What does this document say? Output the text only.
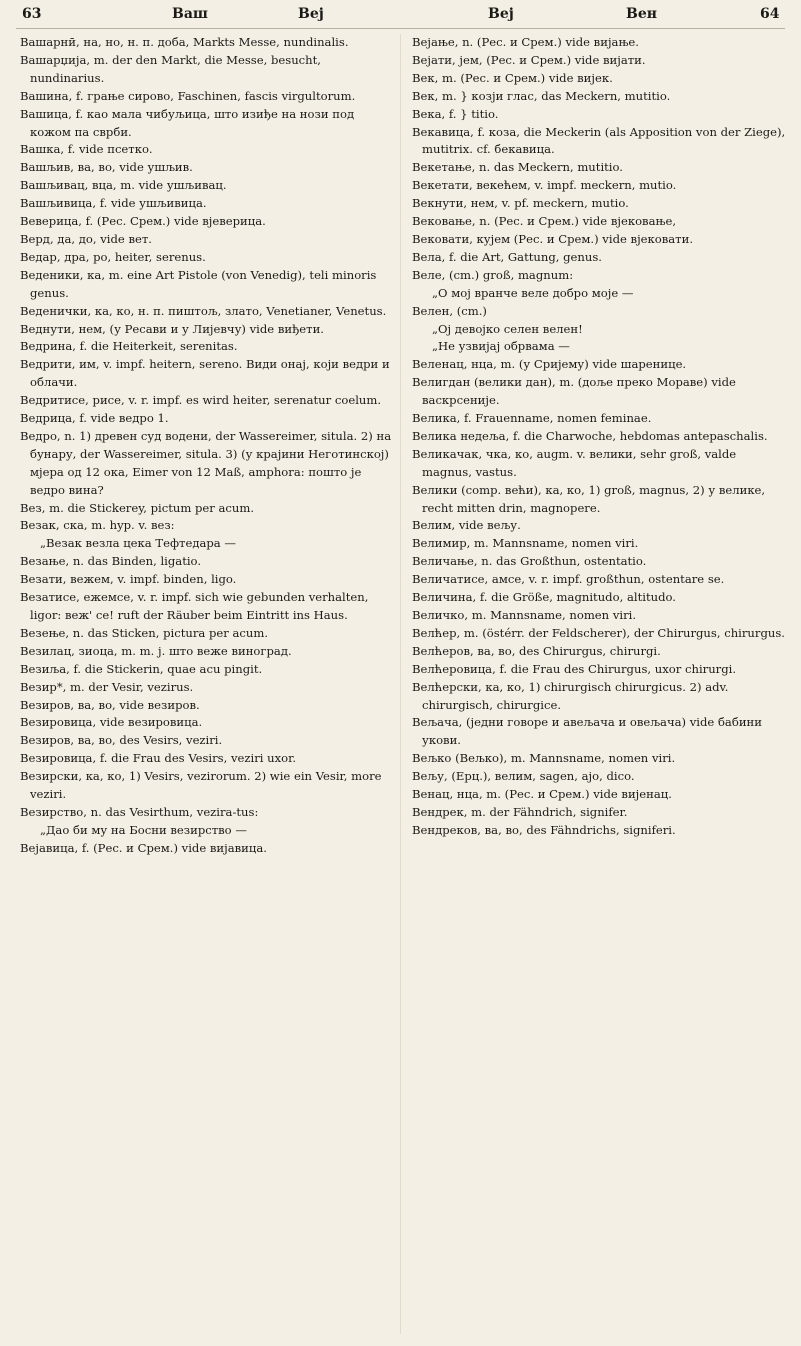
63	Ваш	Веј	Веј	Вен	64

Вашарнӣ, на, но, н. п. доба, Markts Messe, nundinalis.

Вашарџија, m. der den Markt, die Messe, besucht, nundinarius.

Вашина, f. грање сирово, Faschinen, fascis virgultorum.

Вашица, f. као мала чибуљица, што изиђе на нози под кожом па сврби.

Вашка, f. vide псетко.

Вашљив, ва, во, vide ушљив.

Вашљивац, вца, m. vide ушљивац.

Вашљивица, f. vide ушљивица.

Веверица, f. (Рес. Срем.) vide вјеверица.

Верд, да, до, vide вет.

Ведар, дра, ро, heiter, serenus.

Веденики, ка, m. eine Art Pistole (von Venedig), teli minoris genus.

Веденички, ка, ко, н. п. пиштољ, злато, Venetianer, Venetus.

Веднути, нем, (у Ресави и у Лијевчу) vide виђети.

Ведрина, f. die Heiterkeit, serenitas.

Ведрити, им, v. impf. heitern, sereno. Види онај, који ведри и облачи.

Ведритисе, рисе, v. r. impf. es wird heiter, serenatur coelum.

Ведрица, f. vide ведро 1.

Ведро, n. 1) древен суд водени, der Wassereimer, situla. 2) на бунару, der Wassereimer, situla. 3) (у крајини Неготинској) мјера од 12 ока, Eimer von 12 Maß, amphora: пошто је ведро вина?

Вез, m. die Stickerey, pictum per acum.

Везак, ска, m. hyp. v. вез:

„Везак везла цека Тефтедара —

Везање, n. das Binden, ligatio.

Везати, вежем, v. impf. binden, ligo.

Везатисе, ежемсе, v. r. impf. sich wie gebunden verhalten, ligor: веж' се! ruft der Räuber beim Eintritt ins Haus.

Везење, n. das Sticken, pictura per acum.

Везилац, зиоца, m. m. j. што веже виноград.

Везиља, f. die Stickerin, quae acu pingit.

Везир*, m. der Vesir, vezirus.

Везиров, ва, во, vide везиров.

Везировица, vide везировица.

Везиров, ва, во, des Vesirs, veziri.

Везировица, f. die Frau des Vesirs, veziri uxor.

Везирски, ка, ко, 1) Vesirs, vezirorum. 2) wie ein Vesir, more veziri.

Везирство, n. das Vesirthum, vezira-tus:

„Дао би му на Босни везирство —

Вејавица, f. (Рес. и Срем.) vide вијавица.

Вејање, n. (Рес. и Срем.) vide вијање.

Вејати, јем, (Рес. и Срем.) vide вијати.

Век, m. (Рес. и Срем.) vide вијек.

Век, m. } козји глас, das Meckern, mutitio.

Века, f. } titio.

Векавица, f. коза, die Meckerin (als Apposition von der Ziege), mutitrix. cf. бекавица.

Векетање, n. das Meckern, mutitio.

Векетати, векећем, v. impf. meckern, mutio.

Векнути, нем, v. pf. meckern, mutio.

Вековање, n. (Рес. и Срем.) vide вјековање,

Вековати, кујем (Рес. и Срем.) vide вјековати.

Вела, f. die Art, Gattung, genus.

Веле, (cm.) groß, magnum:

„О мој вранче веле добро моје —

Велен, (cm.)

„Ој девојко селен велен!

„Не узвијај обрвама —

Веленац, нца, m. (у Сријему) vide шаренице.

Велигдан (велики дан), m. (доље преко Мораве) vide васкрсеније.

Велика, f. Frauenname, nomen feminae.

Велика недеља, f. die Charwoche, hebdomas antepaschalis.

Великачак, чка, ко, augm. v. велики, sehr groß, valde magnus, vastus.

Велики (comp. већи), ка, ко, 1) groß, magnus, 2) у велике, recht mitten drin, magnopere.

Велим, vide вељу.

Велимир, m. Mannsname, nomen viri.

Величање, n. das Großthun, ostentatio.

Величатисе, амсе, v. r. impf. großthun, ostentare se.

Величина, f. die Größe, magnitudo, altitudo.

Величко, m. Mannsname, nomen viri.

Велћер, m. (östérr. der Feldscherer), der Chirurgus, chirurgus.

Велћеров, ва, во, des Chirurgus, chirurgi.

Велћеровица, f. die Frau des Chirurgus, uxor chirurgi.

Велћерски, ка, ко, 1) chirurgisch chirurgicus. 2) adv. chirurgisch, chirurgice.

Вељача, (једни говоре и авељача и овељача) vide бабини укови.

Вељко (Вељко), m. Mannsname, nomen viri.

Вељу, (Ерц.), велим, sagen, ajo, dico.

Венац, нца, m. (Рес. и Срем.) vide вијенац.

Вендрек, m. der Fähndrich, signifer.

Вендреков, ва, во, des Fähndrichs, signiferi.
